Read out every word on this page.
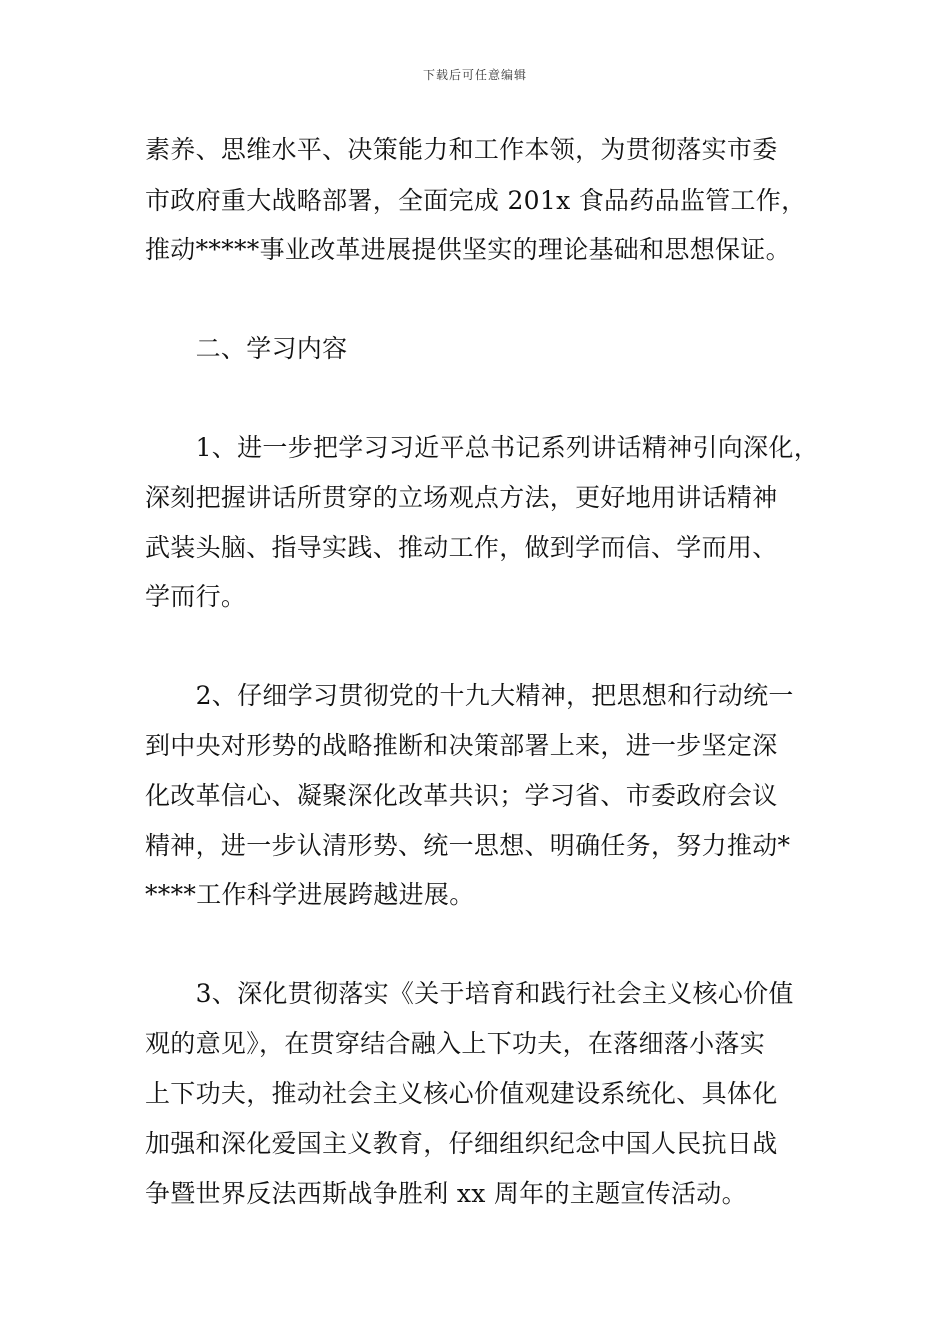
下载后可任意编辑
素养、思维水平、决策能力和工作本领，为贯彻落实市委
市政府重大战略部署，全面完成 201x 食品药品监管工作，
推动*****事业改革进展提供坚实的理论基础和思想保证。
　　二、学习内容
　　1、进一步把学习习近平总书记系列讲话精神引向深化，
深刻把握讲话所贯穿的立场观点方法，更好地用讲话精神
武装头脑、指导实践、推动工作，做到学而信、学而用、
学而行。
　　2、仔细学习贯彻党的十九大精神，把思想和行动统一
到中央对形势的战略推断和决策部署上来，进一步坚定深
化改革信心、凝聚深化改革共识；学习省、市委政府会议
精神，进一步认清形势、统一思想、明确任务，努力推动*
****工作科学进展跨越进展。
　　3、深化贯彻落实《关于培育和践行社会主义核心价值
观的意见》，在贯穿结合融入上下功夫，在落细落小落实
上下功夫，推动社会主义核心价值观建设系统化、具体化
加强和深化爱国主义教育，仔细组织纪念中国人民抗日战
争暨世界反法西斯战争胜利 xx 周年的主题宣传活动。
